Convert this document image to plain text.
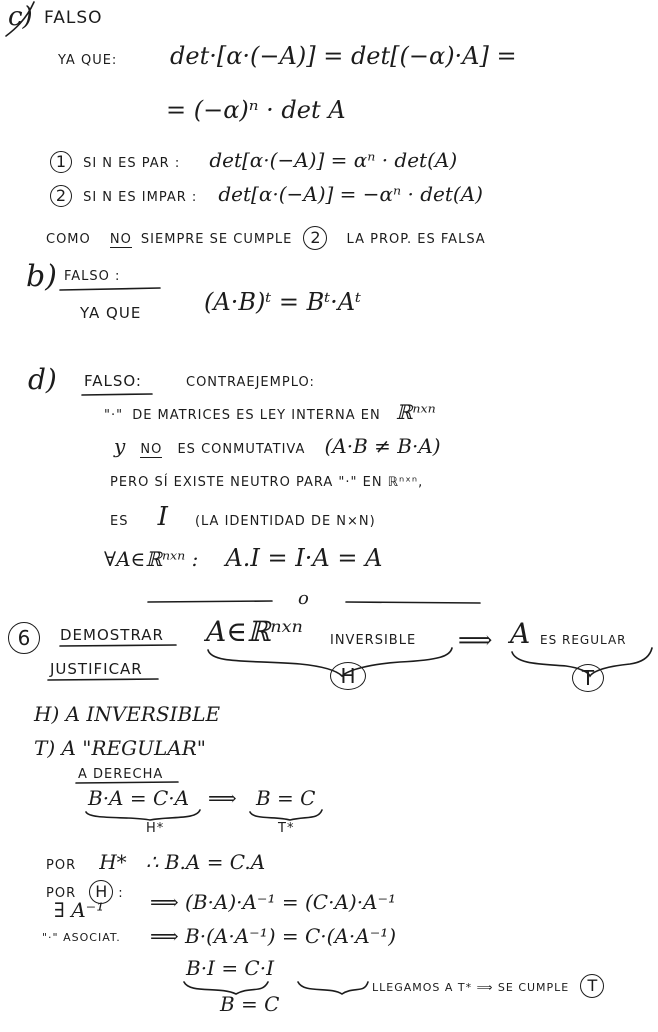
c) FALSO
YA QUE: det·[α·(−A)] = det[(−α)·A] =
= (−α)ⁿ · det A
1 SI N ES PAR : det[α·(−A)] = αⁿ · det(A)
2 SI N ES IMPAR : det[α·(−A)] = −αⁿ · det(A)
COMO NO SIEMPRE SE CUMPLE 2 LA PROP. ES FALSA
b) FALSO :
YA QUE	(A·B)ᵗ = Bᵗ·Aᵗ
d) FALSO:	CONTRAEJEMPLO:
"·" DE MATRICES ES LEY INTERNA EN ℝⁿˣⁿ
y NO ES CONMUTATIVA (A·B ≠ B·A)
PERO SÍ EXISTE NEUTRO PARA "·" EN ℝⁿˣⁿ,
ES I (LA IDENTIDAD DE N×N)
∀A∈ℝⁿˣⁿ : A.I = I·A = A
o
6	DEMOSTRAR
JUSTIFICAR
A∈ℝⁿˣⁿ INVERSIBLE ⟹ A ES REGULAR
H	T
H) A INVERSIBLE
T) A "REGULAR"
A DERECHA
B·A = C·A ⟹ B = C
H*	T*
POR H* ∴ B.A = C.A
POR H :
∃ A⁻¹ ⟹ (B·A)·A⁻¹ = (C·A)·A⁻¹
"·" ASOCIAT. ⟹ B·(A·A⁻¹) = C·(A·A⁻¹)
B·I = C·I
B = C
LLEGAMOS A T* ⟹ SE CUMPLE T
